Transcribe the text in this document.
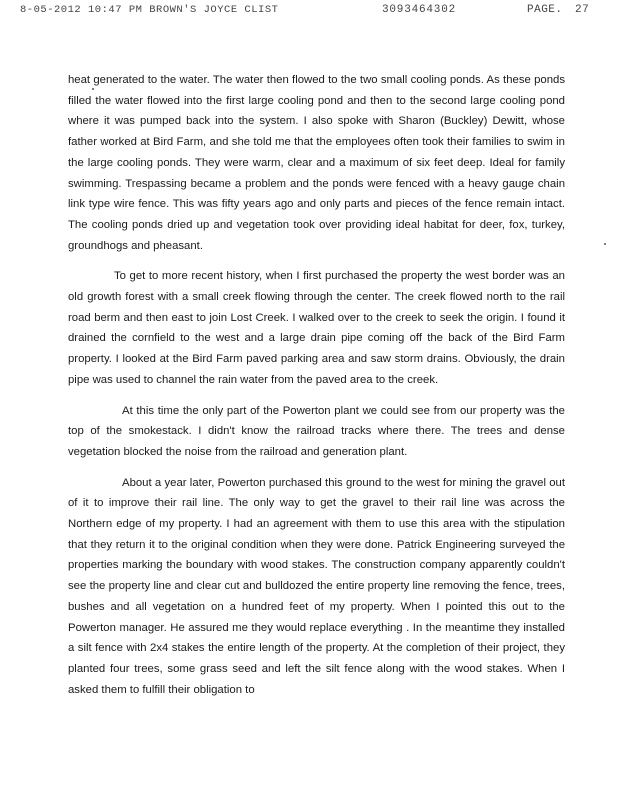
8-05-2012 10:47 PM BROWN'S JOYCE CLIST	3093464302	PAGE. 27

heat generated to the water. The water then flowed to the two small cooling ponds. As these ponds filled the water flowed into the first large cooling pond and then to the second large cooling pond where it was pumped back into the system. I also spoke with Sharon (Buckley) Dewitt, whose father worked at Bird Farm, and she told me that the employees often took their families to swim in the large cooling ponds. They were warm, clear and a maximum of six feet deep. Ideal for family swimming. Trespassing became a problem and the ponds were fenced with a heavy gauge chain link type wire fence. This was fifty years ago and only parts and pieces of the fence remain intact. The cooling ponds dried up and vegetation took over providing ideal habitat for deer, fox, turkey, groundhogs and pheasant.

To get to more recent history, when I first purchased the property the west border was an old growth forest with a small creek flowing through the center. The creek flowed north to the rail road berm and then east to join Lost Creek. I walked over to the creek to seek the origin. I found it drained the cornfield to the west and a large drain pipe coming off the back of the Bird Farm property. I looked at the Bird Farm paved parking area and saw storm drains. Obviously, the drain pipe was used to channel the rain water from the paved area to the creek.

At this time the only part of the Powerton plant we could see from our property was the top of the smokestack. I didn't know the railroad tracks where there. The trees and dense vegetation blocked the noise from the railroad and generation plant.

About a year later, Powerton purchased this ground to the west for mining the gravel out of it to improve their rail line. The only way to get the gravel to their rail line was across the Northern edge of my property. I had an agreement with them to use this area with the stipulation that they return it to the original condition when they were done. Patrick Engineering surveyed the properties marking the boundary with wood stakes. The construction company apparently couldn't see the property line and clear cut and bulldozed the entire property line removing the fence, trees, bushes and all vegetation on a hundred feet of my property. When I pointed this out to the Powerton manager. He assured me they would replace everything . In the meantime they installed a silt fence with 2x4 stakes the entire length of the property. At the completion of their project, they planted four trees, some grass seed and left the silt fence along with the wood stakes. When I asked them to fulfill their obligation to
